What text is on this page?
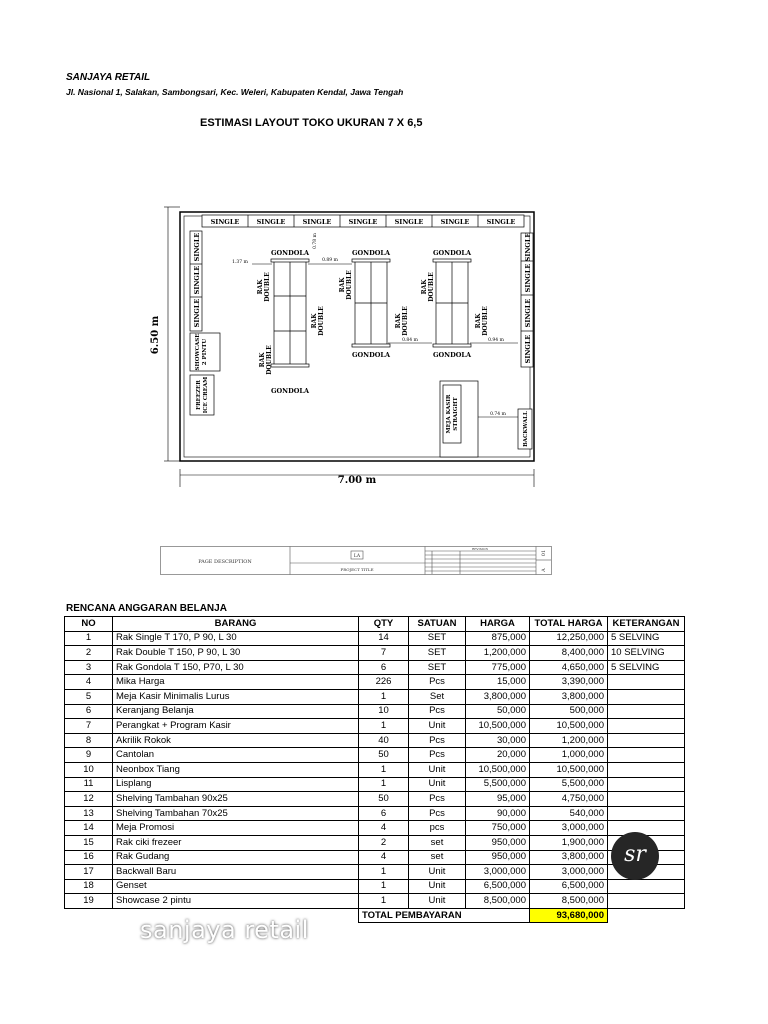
SANJAYA RETAIL
Jl. Nasional 1, Salakan, Sambongsari, Kec. Weleri, Kabupaten Kendal, Jawa Tengah
ESTIMASI LAYOUT TOKO UKURAN 7 X 6,5
SINGLE	SINGLE	SINGLE	SINGLE	SINGLE	SINGLE	SINGLE
SINGLE
SINGLE
SINGLE
SINGLE
SINGLE
SINGLE
SINGLE
GONDOLA
GONDOLA
GONDOLA
GONDOLA
GONDOLA
GONDOLA
RAK DOUBLE
RAK DOUBLE
RAK DOUBLE
RAK DOUBLE
RAK DOUBLE
RAK DOUBLE
RAK DOUBLE
SHOWCASE 2 PINTU
FREEZER ICE CREAM	MEJA KASIR STRAIGHT	BACKWALL
1.37 m	0.89 m
0.84 m	0.94 m
0.74 m
0.78 m
7.00 m
6.50 m
PAGE DESCRIPTION
PROJECT TITLE
LA
REVISION
A
01
RENCANA ANGGARAN BELANJA
NO	BARANG	QTY	SATUAN	HARGA	TOTAL HARGA	KETERANGAN
1	Rak Single T 170, P 90, L 30	14	SET	875,000	12,250,000	5 SELVING
2	Rak Double T 150, P 90, L 30	7	SET	1,200,000	8,400,000	10 SELVING
3	Rak Gondola T 150, P70, L 30	6	SET	775,000	4,650,000	5 SELVING
4	Mika Harga	226	Pcs	15,000	3,390,000	
5	Meja Kasir Minimalis Lurus	1	Set	3,800,000	3,800,000	
6	Keranjang Belanja	10	Pcs	50,000	500,000	
7	Perangkat + Program Kasir	1	Unit	10,500,000	10,500,000	
8	Akrilik Rokok	40	Pcs	30,000	1,200,000	
9	Cantolan	50	Pcs	20,000	1,000,000	
10	Neonbox Tiang	1	Unit	10,500,000	10,500,000	
11	Lisplang	1	Unit	5,500,000	5,500,000	
12	Shelving Tambahan 90x25	50	Pcs	95,000	4,750,000	
13	Shelving Tambahan 70x25	6	Pcs	90,000	540,000	
14	Meja Promosi	4	pcs	750,000	3,000,000	
15	Rak ciki frezeer	2	set	950,000	1,900,000	
16	Rak Gudang	4	set	950,000	3,800,000	
17	Backwall Baru	1	Unit	3,000,000	3,000,000	
18	Genset	1	Unit	6,500,000	6,500,000	
19	Showcase 2 pintu	1	Unit	8,500,000	8,500,000	
		TOTAL PEMBAYARAN			93,680,000	
sr
sanjaya retail
